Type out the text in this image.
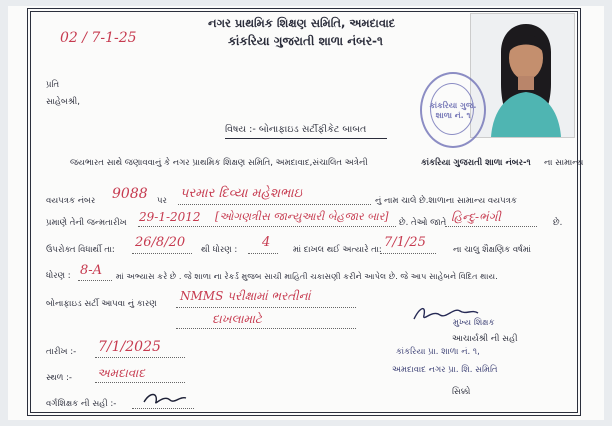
નગર પ્રાથમિક શિક્ષણ સમિતિ, અમદાવાદ
કાંકરિયા ગુજરાતી શાળા નંબર-૧
02 / 7-1-25
પ્રતિ
સાહેબશ્રી,
વિષય :- બોનાફાઇડ સર્ટીફીકેટ બાબત
કાંકરિયા ગુજ. શાળા નં. ૧
જયભારત સાથે જણાવવાનું કે નગર પ્રાથમિક શિક્ષણ સમિતિ, અમદાવાદ,સંચાલિત અત્રેની	કાંકરિયા ગુજરાતી શાળા નંબર-૧ ના સામાન્ય
વયપત્રક નંબર 9088 પર પરમાર દિવ્યા મહેશભાઇ	નું નામ ચાલે છે.શાળાના સામાન્ય વયપત્રક
પ્રમાણે તેની જન્મતારીખ 29-1-2012 [ઓગણત્રીસ જાન્યુઆરી બેહજાર બાર] છે. તેઓ જાતે હિન્દુ-ભંગી	છે.
ઉપરોક્ત વિધાર્થી તા: 26/8/20 થી ધોરણ : 4	માં દાખલ થઈ અત્યારે તા: 7/1/25	ના ચાલુ શૈક્ષણિક વર્ષમાં
ધોરણ : 8-A માં અભ્યાસ કરે છે . જે શાળા ના રેકર્ડ મુજબ સાચી માહિતી ચકાસણી કરીને આપેલ છે. જે આપ સાહેબને વિદિત થાય.
બોનાફાઇડ સર્ટી આપવા નું કારણ
NMMS પરીક્ષામાં ભરતીનાં
દાખલામાટે
તારીખ :- 7/1/2025
સ્થળ :- અમદાવાદ
વર્ગશિક્ષક ની સહી :-
મુખ્ય શિક્ષક
આચાર્યશ્રી ની સહી
કાંકરિયા પ્રા. શાળા નં. ૧,
અમદાવાદ નગર પ્રા. શિ. સમિતિ
સિક્કો
